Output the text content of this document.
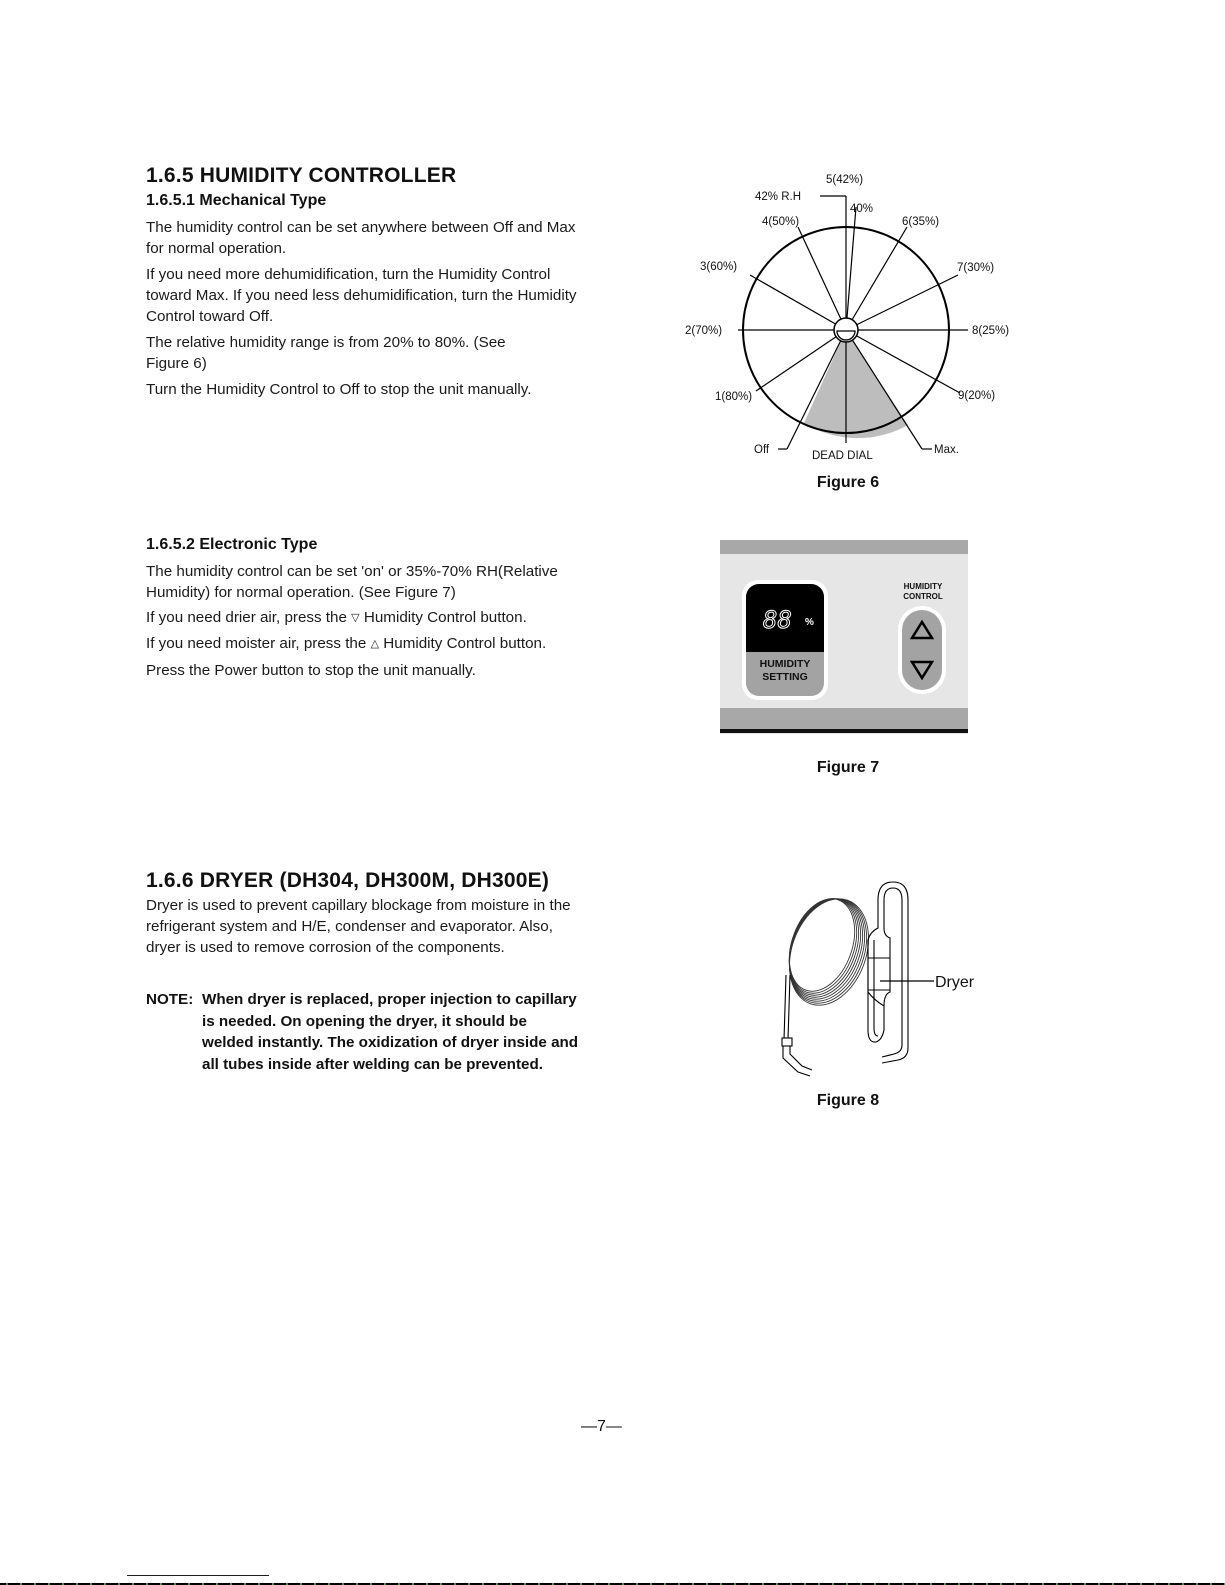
1.6.5 HUMIDITY CONTROLLER
1.6.5.1 Mechanical Type

The humidity control can be set anywhere between Off and Max for normal operation.

If you need more dehumidification, turn the Humidity Control toward Max. If you need less dehumidification, turn the Humidity Control toward Off.

The relative humidity range is from 20% to 80%. (See Figure 6)

Turn the Humidity Control to Off to stop the unit manually.

5(42%)
42% R.H
40%
4(50%)	6(35%)
3(60%)	7(30%)
2(70%)	8(25%)
1(80%)	9(20%)
Off	DEAD DIAL	Max.
Figure 6
1.6.5.2 Electronic Type

The humidity control can be set 'on' or 35%-70% RH(Relative Humidity) for normal operation. (See Figure 7)

If you need drier air, press the ▽ Humidity Control button.

If you need moister air, press the △ Humidity Control button.

Press the Power button to stop the unit manually.

88 %
HUMIDITY
SETTING
HUMIDITY
CONTROL
Figure 7
1.6.6 DRYER (DH304, DH300M, DH300E)
Dryer is used to prevent capillary blockage from moisture in the refrigerant system and H/E, condenser and evaporator. Also, dryer is used to remove corrosion of the components.
NOTE: When dryer is replaced, proper injection to capillary is needed. On opening the dryer, it should be welded instantly. The oxidization of dryer inside and all tubes inside after welding can be prevented.
Dryer
Figure 8
—7—
